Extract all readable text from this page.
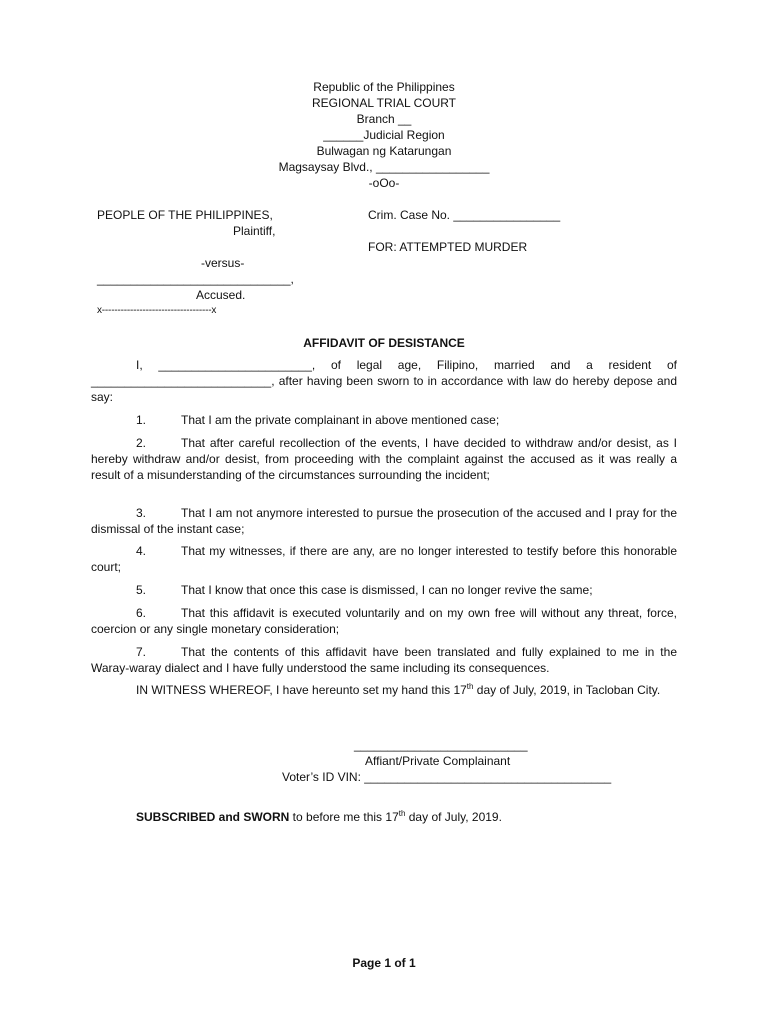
Republic of the Philippines
REGIONAL TRIAL COURT
Branch __
______Judicial Region
Bulwagan ng Katarungan
Magsaysay Blvd., _________________
-oOo-
PEOPLE OF THE PHILIPPINES,
Plaintiff,
-versus-
_____________________________,
Accused.
x-----------------------------------x
Crim. Case No. ________________
FOR: ATTEMPTED MURDER
AFFIDAVIT OF DESISTANCE
I, _______________________, of legal age, Filipino, married and a resident of ___________________________, after having been sworn to in accordance with law do hereby depose and say:
1.	That I am the private complainant in above mentioned case;
2.	That after careful recollection of the events, I have decided to withdraw and/or desist, as I hereby withdraw and/or desist, from proceeding with the complaint against the accused as it was really a result of a misunderstanding of the circumstances surrounding the incident;
3.	That I am not anymore interested to pursue the prosecution of the accused and I pray for the dismissal of the instant case;
4.	That my witnesses, if there are any, are no longer interested to testify before this honorable court;
5.	That I know that once this case is dismissed, I can no longer revive the same;
6.	That this affidavit is executed voluntarily and on my own free will without any threat, force, coercion or any single monetary consideration;
7.	That the contents of this affidavit have been translated and fully explained to me in the Waray-waray dialect and I have fully understood the same including its consequences.
IN WITNESS WHEREOF, I have hereunto set my hand this 17th day of July, 2019, in Tacloban City.
__________________________
Affiant/Private Complainant
Voter’s ID VIN: _____________________________________
SUBSCRIBED and SWORN to before me this 17th day of July, 2019.
Page 1 of 1
